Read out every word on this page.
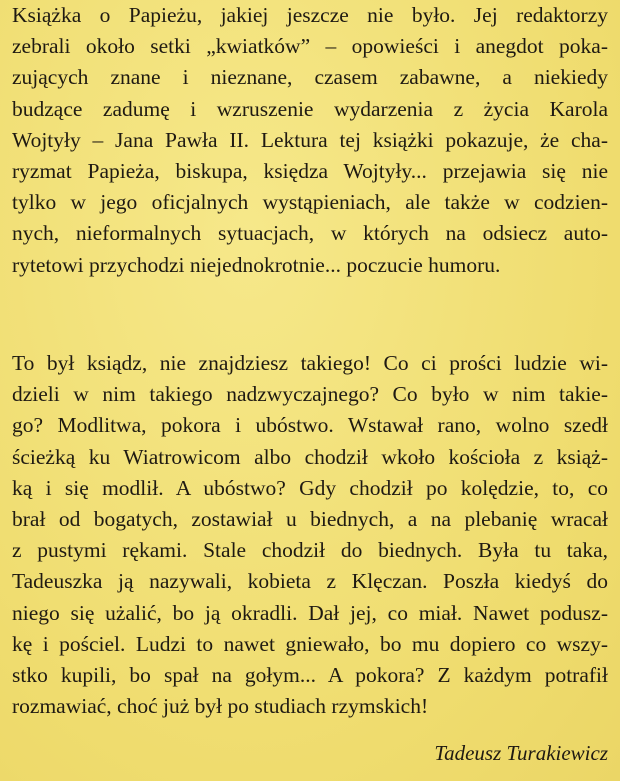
Książka o Papieżu, jakiej jeszcze nie było. Jej redaktorzy
zebrali około setki „kwiatków” – opowieści i anegdot poka-
zujących znane i nieznane, czasem zabawne, a niekiedy
budzące zadumę i wzruszenie wydarzenia z życia Karola
Wojtyły – Jana Pawła II. Lektura tej książki pokazuje, że cha-
ryzmat Papieża, biskupa, księdza Wojtyły... przejawia się nie
tylko w jego oficjalnych wystąpieniach, ale także w codzien-
nych, nieformalnych sytuacjach, w których na odsiecz auto-
rytetowi przychodzi niejednokrotnie... poczucie humoru.
To był ksiądz, nie znajdziesz takiego! Co ci prości ludzie wi-
dzieli w nim takiego nadzwyczajnego? Co było w nim takie-
go? Modlitwa, pokora i ubóstwo. Wstawał rano, wolno szedł
ścieżką ku Wiatrowicom albo chodził wkoło kościoła z książ-
ką i się modlił. A ubóstwo? Gdy chodził po kolędzie, to, co
brał od bogatych, zostawiał u biednych, a na plebanię wracał
z pustymi rękami. Stale chodził do biednych. Była tu taka,
Tadeuszka ją nazywali, kobieta z Klęczan. Poszła kiedyś do
niego się użalić, bo ją okradli. Dał jej, co miał. Nawet podusz-
kę i pościel. Ludzi to nawet gniewało, bo mu dopiero co wszy-
stko kupili, bo spał na gołym... A pokora? Z każdym potrafił
rozmawiać, choć już był po studiach rzymskich!
Tadeusz Turakiewicz
